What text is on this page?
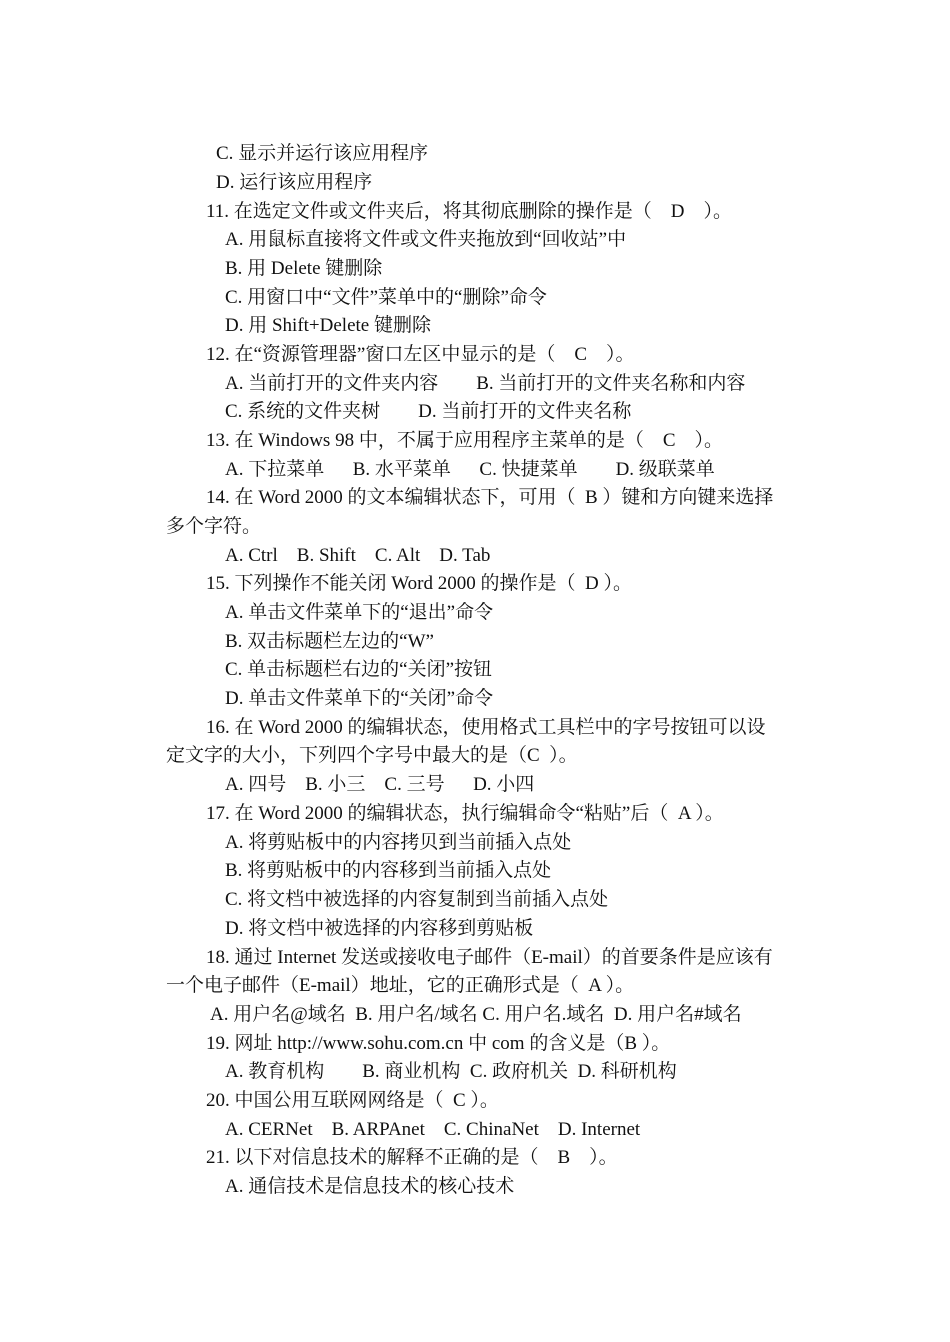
C. 显示并运行该应用程序
D. 运行该应用程序
11. 在选定文件或文件夹后，将其彻底删除的操作是（    D    ）。
A. 用鼠标直接将文件或文件夹拖放到“回收站”中
B. 用 Delete 键删除
C. 用窗口中“文件”菜单中的“删除”命令
D. 用 Shift+Delete 键删除
12. 在“资源管理器”窗口左区中显示的是（    C    ）。
A. 当前打开的文件夹内容        B. 当前打开的文件夹名称和内容
C. 系统的文件夹树        D. 当前打开的文件夹名称
13. 在 Windows 98 中，不属于应用程序主菜单的是（    C    ）。
A. 下拉菜单      B. 水平菜单      C. 快捷菜单        D. 级联菜单
14. 在 Word 2000 的文本编辑状态下，可用（  B ）键和方向键来选择
多个字符。
A. Ctrl    B. Shift    C. Alt    D. Tab
15. 下列操作不能关闭 Word 2000 的操作是（  D ）。
A. 单击文件菜单下的“退出”命令
B. 双击标题栏左边的“W”
C. 单击标题栏右边的“关闭”按钮
D. 单击文件菜单下的“关闭”命令
16. 在 Word 2000 的编辑状态，使用格式工具栏中的字号按钮可以设
定文字的大小，下列四个字号中最大的是（C  ）。
A. 四号    B. 小三    C. 三号      D. 小四
17. 在 Word 2000 的编辑状态，执行编辑命令“粘贴”后（  A ）。
A. 将剪贴板中的内容拷贝到当前插入点处
B. 将剪贴板中的内容移到当前插入点处
C. 将文档中被选择的内容复制到当前插入点处
D. 将文档中被选择的内容移到剪贴板
18. 通过 Internet 发送或接收电子邮件（E-mail）的首要条件是应该有
一个电子邮件（E-mail）地址，它的正确形式是（  A ）。
A. 用户名@域名  B. 用户名/域名 C. 用户名.域名  D. 用户名#域名
19. 网址 http://www.sohu.com.cn 中 com 的含义是（B ）。
A. 教育机构        B. 商业机构  C. 政府机关  D. 科研机构
20. 中国公用互联网网络是（  C ）。
A. CERNet    B. ARPAnet    C. ChinaNet    D. Internet
21. 以下对信息技术的解释不正确的是（    B    ）。
A. 通信技术是信息技术的核心技术
